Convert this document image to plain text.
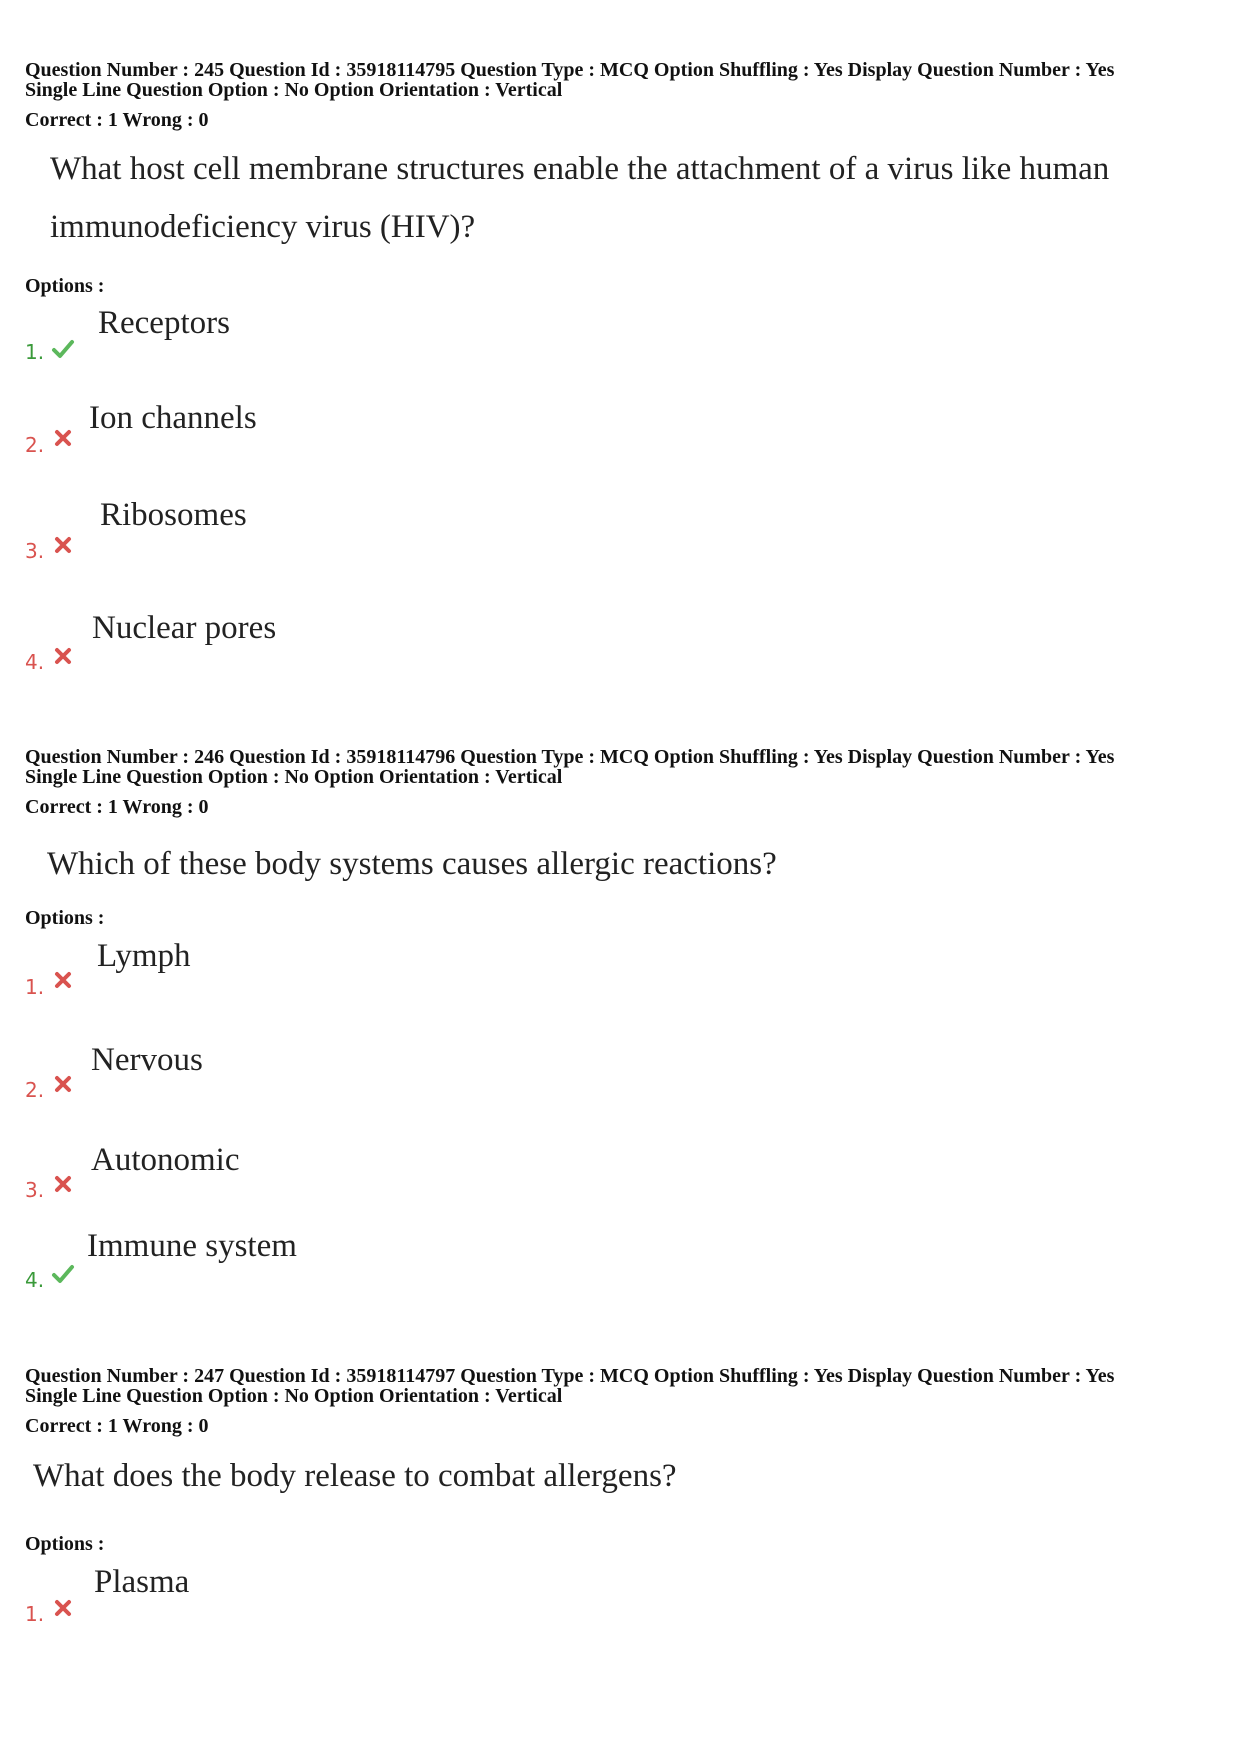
Question Number : 245 Question Id : 35918114795 Question Type : MCQ Option Shuffling : Yes Display Question Number : Yes
Single Line Question Option : No Option Orientation : Vertical
Correct : 1 Wrong : 0
What host cell membrane structures enable the attachment of a virus like human
immunodeficiency virus (HIV)?
Options :
1.
Receptors
2.
Ion channels
3.
Ribosomes
4.
Nuclear pores
Question Number : 246 Question Id : 35918114796 Question Type : MCQ Option Shuffling : Yes Display Question Number : Yes
Single Line Question Option : No Option Orientation : Vertical
Correct : 1 Wrong : 0
Which of these body systems causes allergic reactions?
Options :
1.
Lymph
2.
Nervous
3.
Autonomic
4.
Immune system
Question Number : 247 Question Id : 35918114797 Question Type : MCQ Option Shuffling : Yes Display Question Number : Yes
Single Line Question Option : No Option Orientation : Vertical
Correct : 1 Wrong : 0
What does the body release to combat allergens?
Options :
1.
Plasma
